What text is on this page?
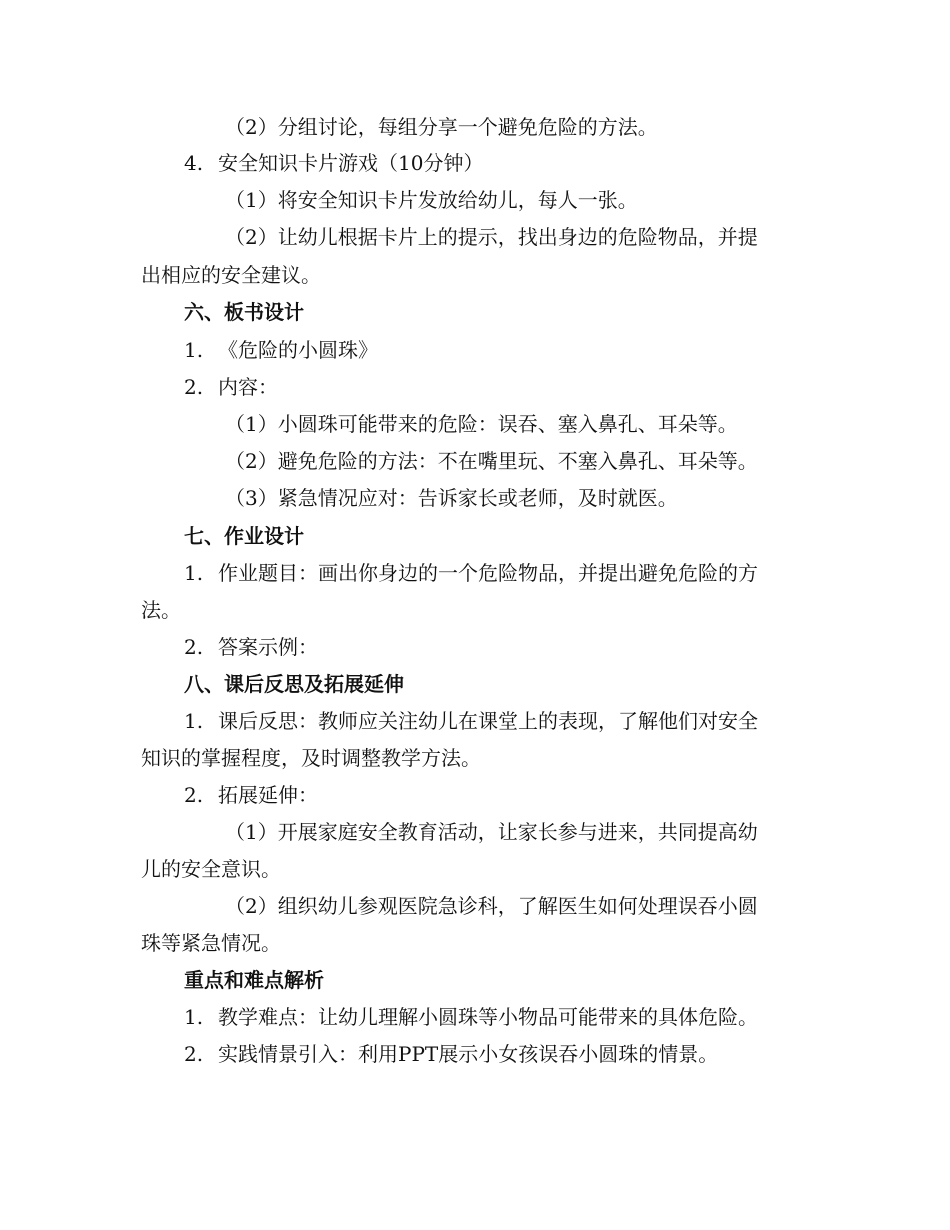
（2）分组讨论，每组分享一个避免危险的方法。
4. 安全知识卡片游戏（10分钟）
（1）将安全知识卡片发放给幼儿，每人一张。
（2）让幼儿根据卡片上的提示，找出身边的危险物品，并提
出相应的安全建议。
六、板书设计
1. 《危险的小圆珠》
2. 内容：
（1）小圆珠可能带来的危险：误吞、塞入鼻孔、耳朵等。
（2）避免危险的方法：不在嘴里玩、不塞入鼻孔、耳朵等。
（3）紧急情况应对：告诉家长或老师，及时就医。
七、作业设计
1. 作业题目：画出你身边的一个危险物品，并提出避免危险的方
法。
2. 答案示例：
八、课后反思及拓展延伸
1. 课后反思：教师应关注幼儿在课堂上的表现，了解他们对安全
知识的掌握程度，及时调整教学方法。
2. 拓展延伸：
（1）开展家庭安全教育活动，让家长参与进来，共同提高幼
儿的安全意识。
（2）组织幼儿参观医院急诊科，了解医生如何处理误吞小圆
珠等紧急情况。
重点和难点解析
1. 教学难点：让幼儿理解小圆珠等小物品可能带来的具体危险。
2. 实践情景引入：利用PPT展示小女孩误吞小圆珠的情景。
